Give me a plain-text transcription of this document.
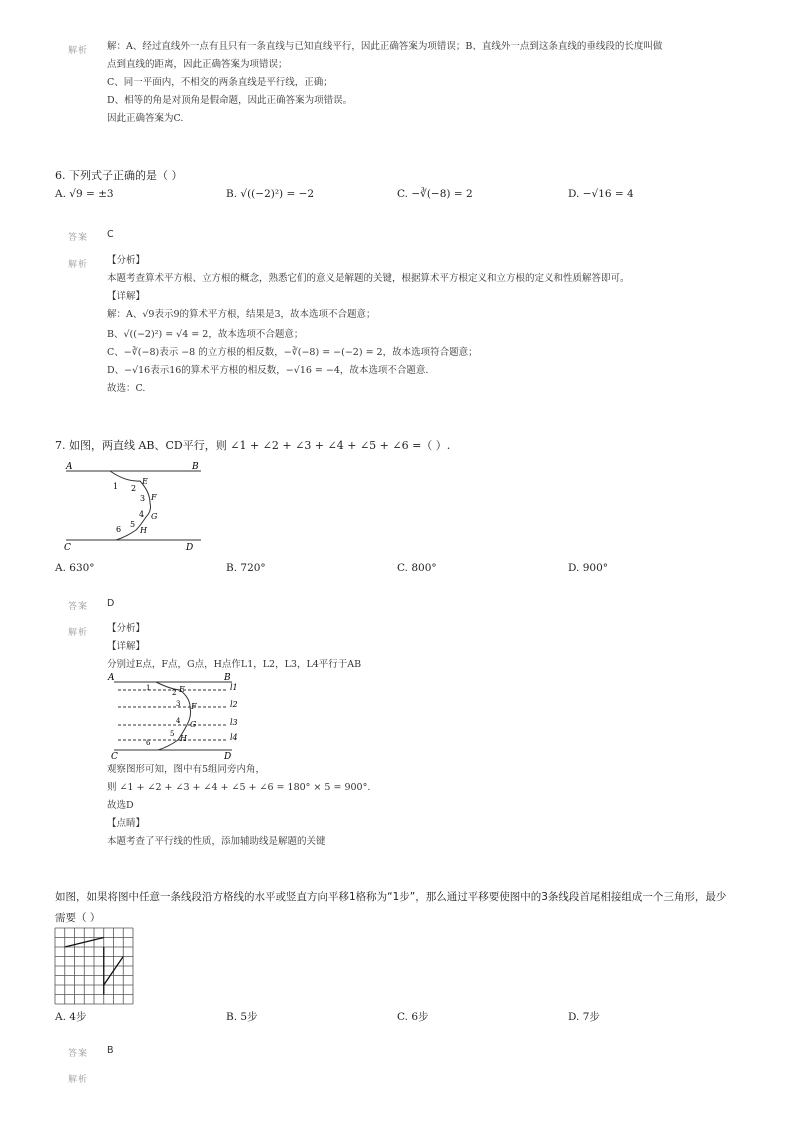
解析 解：A、经过直线外一点有且只有一条直线与已知直线平行，因此正确答案为项错误；B、直线外一点到这条直线的垂线段的长度叫做
点到直线的距离，因此正确答案为项错误；
C、同一平面内，不相交的两条直线是平行线，正确；
D、相等的角是对顶角是假命题，因此正确答案为项错误。
因此正确答案为C.
6. 下列式子正确的是（ ）
A. √9 = ±3	B. √((−2)²) = −2	C. −∛(−8) = 2	D. −√16 = 4
答案 C
解析 【分析】
本题考查算术平方根、立方根的概念，熟悉它们的意义是解题的关键，根据算术平方根定义和立方根的定义和性质解答即可。
【详解】
解：A、√9表示9的算术平方根，结果是3，故本选项不合题意；
B、√((−2)²) = √4 = 2，故本选项不合题意；
C、−∛(−8)表示 −8 的立方根的相反数，−∛(−8) = −(−2) = 2，故本选项符合题意；
D、−√16表示16的算术平方根的相反数，−√16 = −4，故本选项不合题意.
故选：C.
7. 如图，两直线 AB、CD平行，则 ∠1 + ∠2 + ∠3 + ∠4 + ∠5 + ∠6 =（ ）.
A	B
C	D
E
F
G
H
1 2
3
4
5
6
A. 630°	B. 720°	C. 800°	D. 900°
答案 D
解析 【分析】
【详解】
分别过E点，F点，G点，H点作L1，L2，L3，L4平行于AB
A	B
C	D
E
F
G
H
l1
l2
l3
l4
1
2
3
4
5
6
观察图形可知，图中有5组同旁内角，
则 ∠1 + ∠2 + ∠3 + ∠4 + ∠5 + ∠6 = 180° × 5 = 900°.
故选D
【点睛】
本题考查了平行线的性质，添加辅助线是解题的关键
如图，如果将图中任意一条线段沿方格线的水平或竖直方向平移1格称为“1步”，那么通过平移要使图中的3条线段首尾相接组成一个三角形，最少
需要（ ）
A. 4步	B. 5步	C. 6步	D. 7步
答案 B
解析
